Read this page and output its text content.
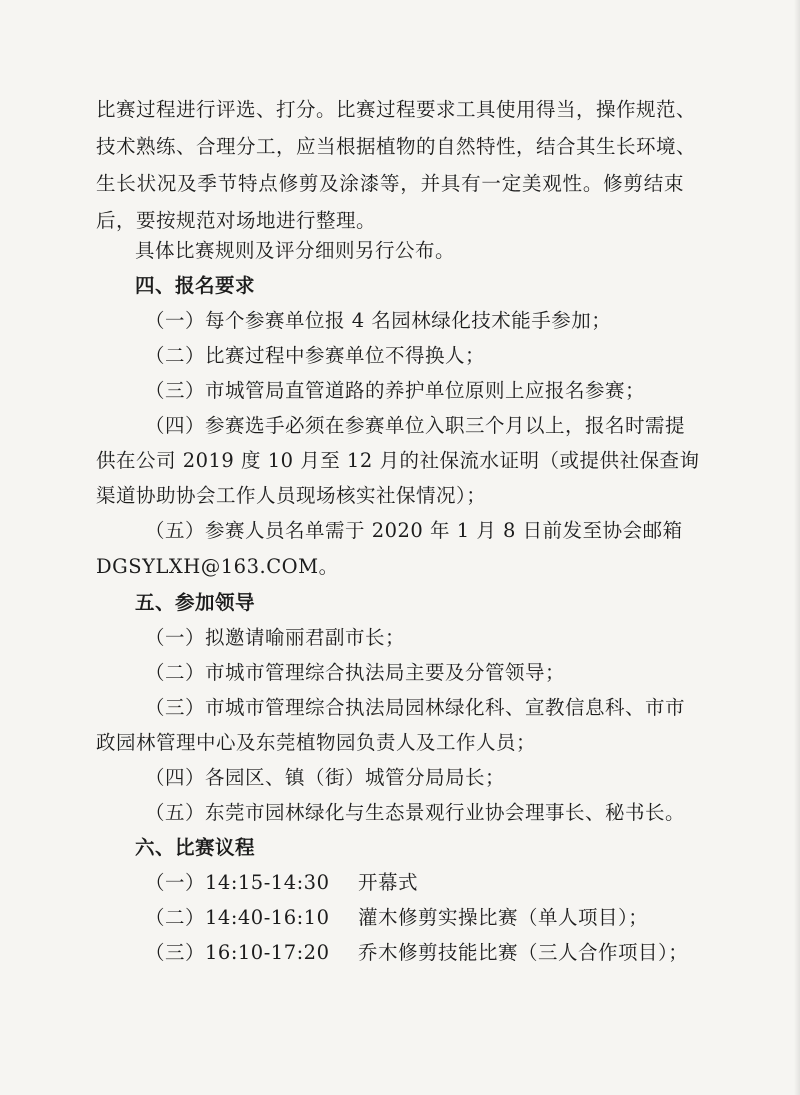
比赛过程进行评选、打分。比赛过程要求工具使用得当，操作规范、
技术熟练、合理分工，应当根据植物的自然特性，结合其生长环境、
生长状况及季节特点修剪及涂漆等，并具有一定美观性。修剪结束
后，要按规范对场地进行整理。
具体比赛规则及评分细则另行公布。
四、报名要求
（一）每个参赛单位报 4 名园林绿化技术能手参加；
（二）比赛过程中参赛单位不得换人；
（三）市城管局直管道路的养护单位原则上应报名参赛；
（四）参赛选手必须在参赛单位入职三个月以上，报名时需提
供在公司 2019 度 10 月至 12 月的社保流水证明（或提供社保查询
渠道协助协会工作人员现场核实社保情况）；
（五）参赛人员名单需于 2020 年 1 月 8 日前发至协会邮箱
DGSYLXH@163.COM。
五、参加领导
（一）拟邀请喻丽君副市长；
（二）市城市管理综合执法局主要及分管领导；
（三）市城市管理综合执法局园林绿化科、宣教信息科、市市
政园林管理中心及东莞植物园负责人及工作人员；
（四）各园区、镇（街）城管分局局长；
（五）东莞市园林绿化与生态景观行业协会理事长、秘书长。
六、比赛议程
（一）14:15-14:30 开幕式
（二）14:40-16:10 灌木修剪实操比赛（单人项目）；
（三）16:10-17:20 乔木修剪技能比赛（三人合作项目）；
